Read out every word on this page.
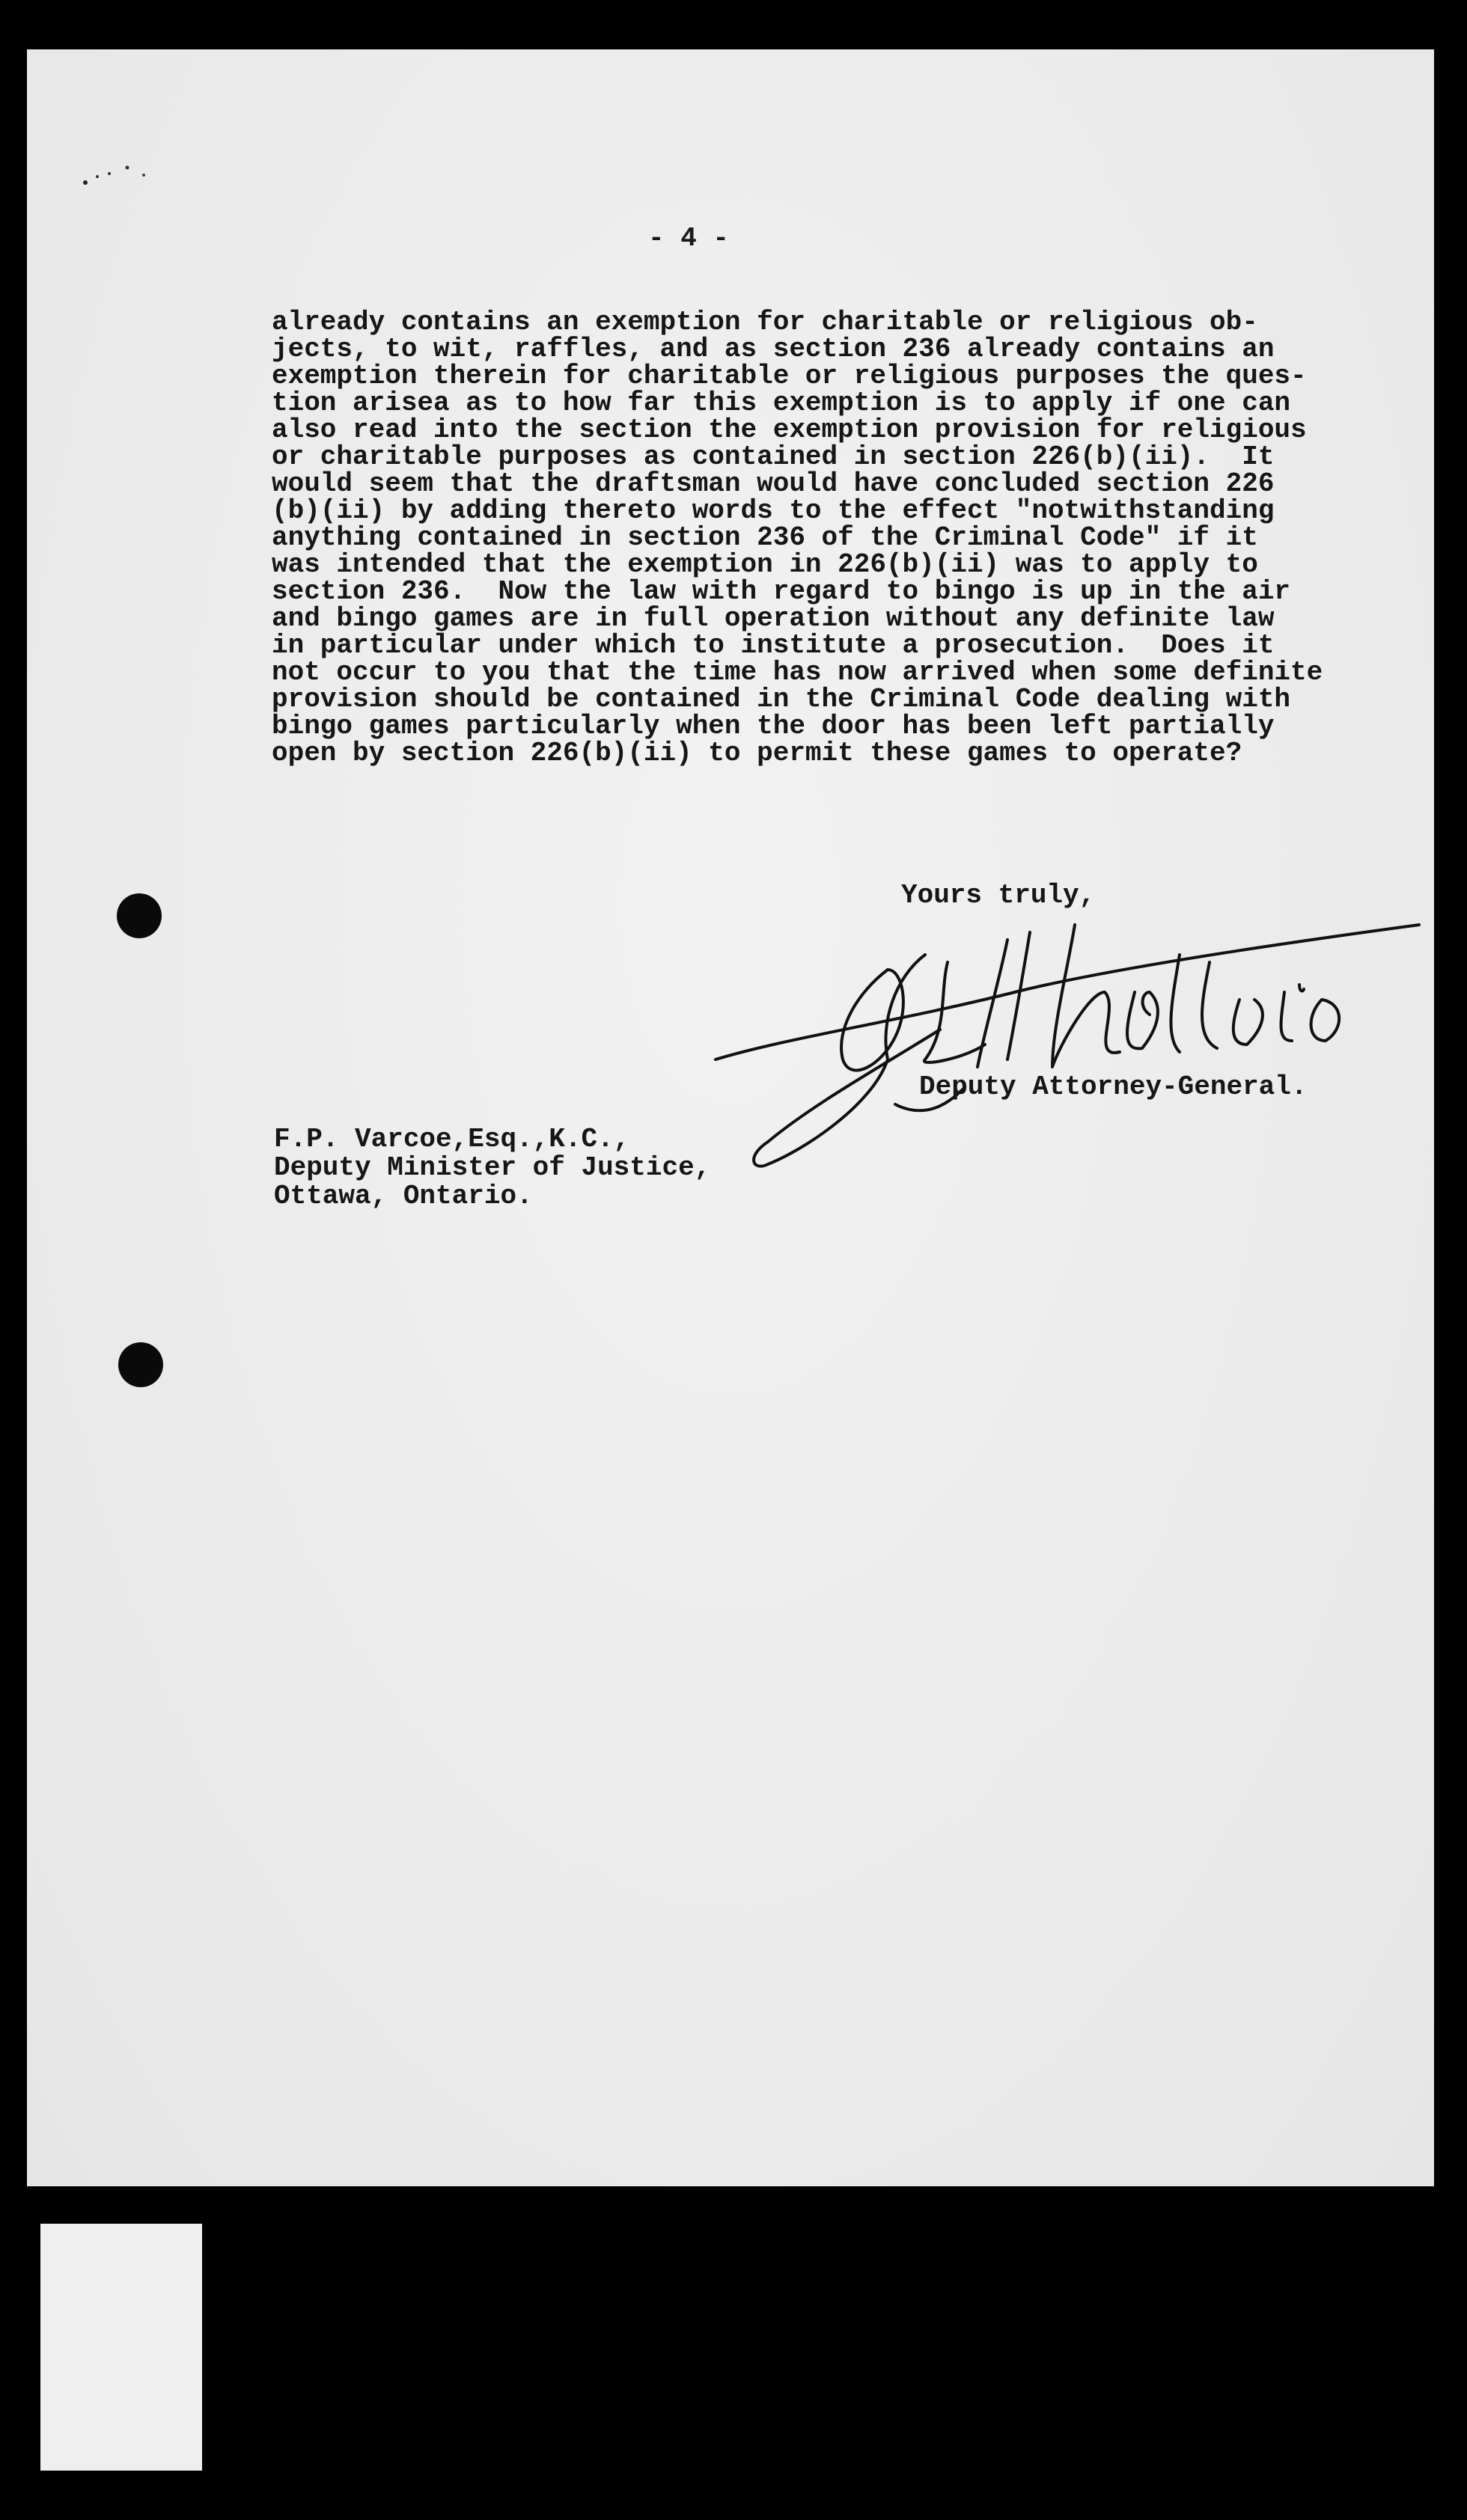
- 4 -
already contains an exemption for charitable or religious ob-
jects, to wit, raffles, and as section 236 already contains an
exemption therein for charitable or religious purposes the ques-
tion arisea as to how far this exemption is to apply if one can
also read into the section the exemption provision for religious
or charitable purposes as contained in section 226(b)(ii).  It
would seem that the draftsman would have concluded section 226
(b)(ii) by adding thereto words to the effect "notwithstanding
anything contained in section 236 of the Criminal Code" if it
was intended that the exemption in 226(b)(ii) was to apply to
section 236.  Now the law with regard to bingo is up in the air
and bingo games are in full operation without any definite law
in particular under which to institute a prosecution.  Does it
not occur to you that the time has now arrived when some definite
provision should be contained in the Criminal Code dealing with
bingo games particularly when the door has been left partially
open by section 226(b)(ii) to permit these games to operate?
Yours truly,
Deputy Attorney-General.
F.P. Varcoe,Esq.,K.C.,
Deputy Minister of Justice,
Ottawa, Ontario.
